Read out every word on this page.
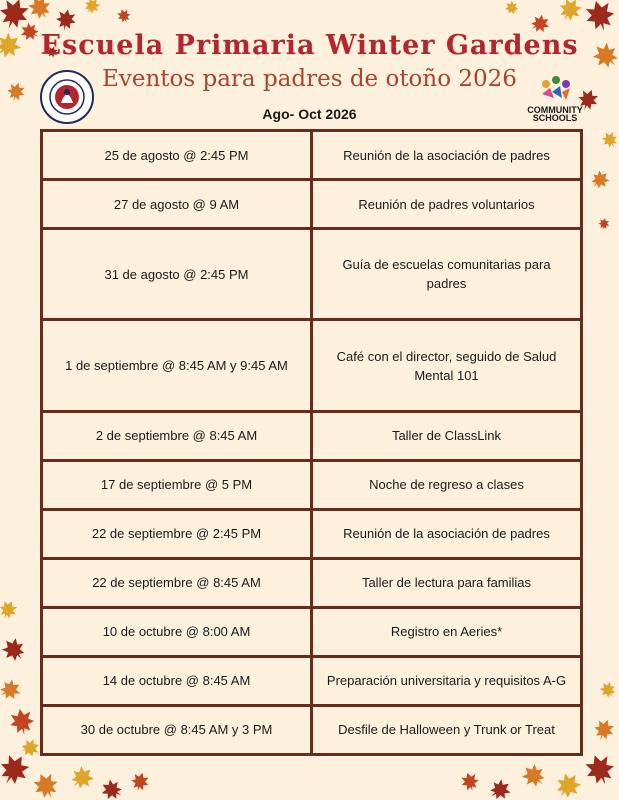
COMMUNITY SCHOOLS
Escuela Primaria Winter Gardens
Eventos para padres de otoño 2026
Ago- Oct 2026
25 de agosto @ 2:45 PM	Reunión de la asociación de padres
27 de agosto @ 9 AM	Reunión de padres voluntarios
31 de agosto @ 2:45 PM	Guía de escuelas comunitarias para padres
1 de septiembre @ 8:45 AM y 9:45 AM	Café con el director, seguido de Salud Mental 101
2 de septiembre @ 8:45 AM	Taller de ClassLink
17 de septiembre @ 5 PM	Noche de regreso a clases
22 de septiembre @ 2:45 PM	Reunión de la asociación de padres
22 de septiembre @ 8:45 AM	Taller de lectura para familias
10 de octubre @ 8:00 AM	Registro en Aeries*
14 de octubre @ 8:45 AM	Preparación universitaria y requisitos A-G
30 de octubre @ 8:45 AM y 3 PM	Desfile de Halloween y Trunk or Treat
